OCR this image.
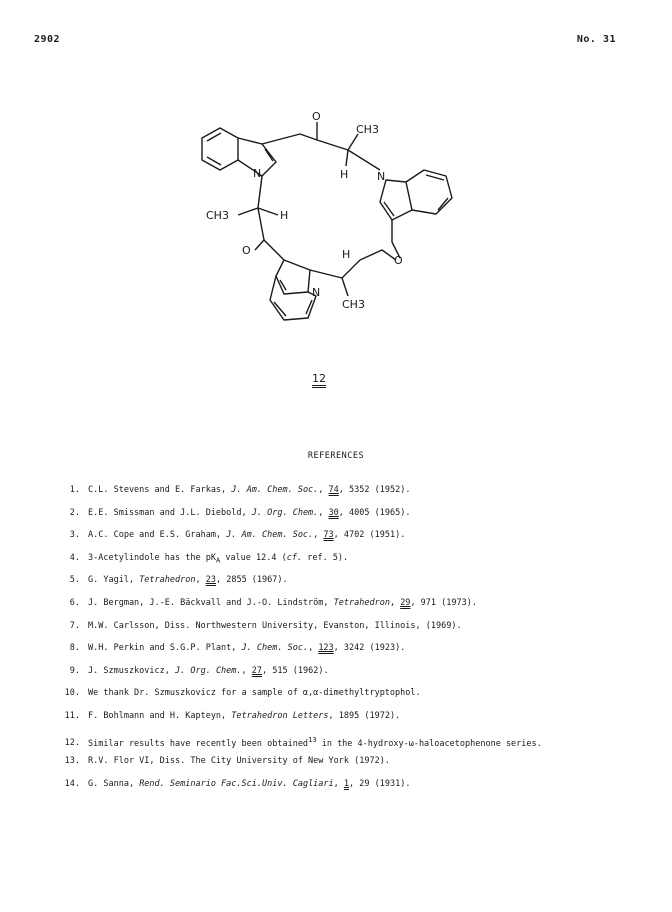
2902	No. 31
O
CH3
H
N	N
CH3	H
O	H	O
N
CH3
12
REFERENCES
1. C.L. Stevens and E. Farkas, J. Am. Chem. Soc., 74, 5352 (1952).
2. E.E. Smissman and J.L. Diebold, J. Org. Chem., 30, 4005 (1965).
3. A.C. Cope and E.S. Graham, J. Am. Chem. Soc., 73, 4702 (1951).
4. 3-Acetylindole has the $pK_A$ value 12.4 (cf. ref. 5).
5. G. Yagil, Tetrahedron, 23, 2855 (1967).
6. J. Bergman, J.-E. Bäckvall and J.-O. Lindström, Tetrahedron, 29, 971 (1973).
7. M.W. Carlsson, Diss. Northwestern University, Evanston, Illinois, (1969).
8. W.H. Perkin and S.G.P. Plant, J. Chem. Soc., 123, 3242 (1923).
9. J. Szmuszkovicz, J. Org. Chem., 27, 515 (1962).
10. We thank Dr. Szmuszkovicz for a sample of α,α-dimethyltryptophol.
11. F. Bohlmann and H. Kapteyn, Tetrahedron Letters, 1895 (1972).
12. Similar results have recently been obtained$^{13}$ in the 4-hydroxy-ω-haloacetophenone series.
13. R.V. Flor VI, Diss. The City University of New York (1972).
14. G. Sanna, Rend. Seminario Fac.Sci.Univ. Cagliari, 1, 29 (1931).
